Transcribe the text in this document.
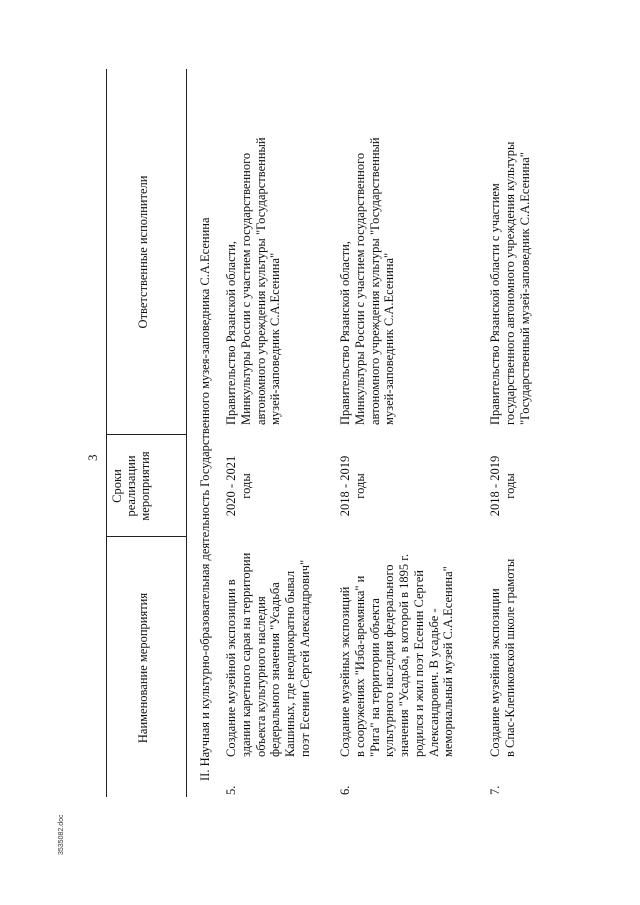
3535082.doc
3
Наименование мероприятия
Сроки
реализации
мероприятия
Ответственные исполнители	II. Научная и культурно-образовательная деятельность Государственного музея-заповедника С.А.Есенина
5.
Создание музейной экспозиции в
здании каретного сарая на территории
объекта культурного наследия
федерального значения "Усадьба
Кашиных, где неоднократно бывал
поэт Есенин Сергей Александрович"
2020 - 2021
годы
Правительство Рязанской области,
Минкультуры России с участием государственного
автономного учреждения культуры "Государственный
музей-заповедник С.А.Есенина"
6.
Создание музейных экспозиций
в сооружениях "Изба-времянка" и
"Рига" на территории объекта
культурного наследия федерального
значения "Усадьба, в которой в 1895 г.
родился и жил поэт Есенин Сергей
Александрович. В усадьбе -
мемориальный музей С.А.Есенина"
2018 - 2019
годы
Правительство Рязанской области,
Минкультуры России с участием государственного
автономного учреждения культуры "Государственный
музей-заповедник С.А.Есенина"
7.
Создание музейной экспозиции
в Спас-Клепиковской школе грамоты
2018 - 2019
годы
Правительство Рязанской области с участием
государственного автономного учреждения культуры
"Государственный музей-заповедник С.А.Есенина"
